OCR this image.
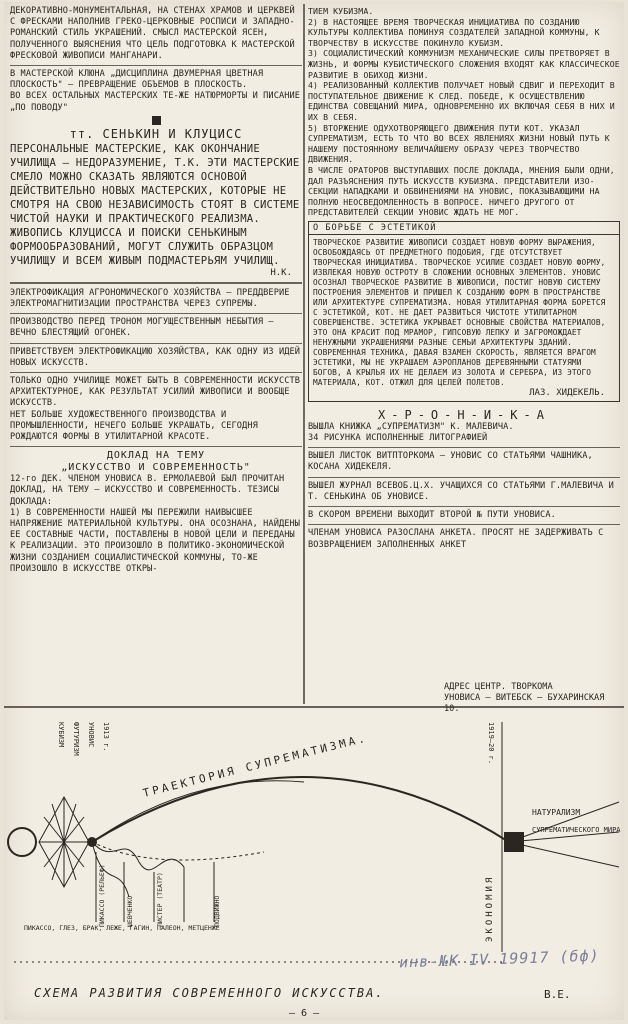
ДЕКОРАТИВНО-МОНУМЕНТАЛЬНАЯ, НА СТЕНАХ ХРАМОВ И ЦЕРКВЕЙ С ФРЕСКАМИ НАПОЛНИВ ГРЕКО-ЦЕРКОВНЫЕ РОСПИСИ И ЗАПАДНО-РОМАНСКИЙ СТИЛЬ УКРАШЕНИЙ. СМЫСЛ МАСТЕРСКОЙ ЯСЕН, ПОЛУЧЕННОГО ВЫЯСНЕНИЯ ЧТО ЦЕЛЬ ПОДГОТОВКА К МАСТЕРСКОЙ ФРЕСКОВОЙ ЖИВОПИСИ МАНГАНАРИ.
В МАСТЕРСКОЙ КЛЮНА „ДИСЦИПЛИНА ДВУМЕРНАЯ ЦВЕТНАЯ ПЛОСКОСТЬ" — ПРЕВРАЩЕНИЕ ОБЪЕМОВ В ПЛОСКОСТЬ.
ВО ВСЕХ ОСТАЛЬНЫХ МАСТЕРСКИХ ТЕ-ЖЕ НАТЮРМОРТЫ И ПИСАНИЕ „ПО ПОВОДУ"
тт. СЕНЬКИН И КЛУЦИСС
ПЕРСОНАЛЬНЫЕ МАСТЕРСКИЕ, КАК ОКОНЧАНИЕ УЧИЛИЩА — НЕДОРАЗУМЕНИЕ, Т.К. ЭТИ МАСТЕРСКИЕ СМЕЛО МОЖНО СКАЗАТЬ ЯВЛЯЮТСЯ ОСНОВОЙ ДЕЙСТВИТЕЛЬНО НОВЫХ МАСТЕРСКИХ, КОТОРЫЕ НЕ СМОТРЯ НА СВОЮ НЕЗАВИСИМОСТЬ СТОЯТ В СИСТЕМЕ ЧИСТОЙ НАУКИ И ПРАКТИЧЕСКОГО РЕАЛИЗМА. ЖИВОПИСЬ КЛУЦИССА И ПОИСКИ СЕНЬКИНЫМ ФОРМООБРАЗОВАНИЙ, МОГУТ СЛУЖИТЬ ОБРАЗЦОМ УЧИЛИЩУ И ВСЕМ ЖИВЫМ ПОДМАСТЕРЬЯМ УЧИЛИЩ.
Н.К.
ЭЛЕКТРОФИКАЦИЯ АГРОНОМИЧЕСКОГО ХОЗЯЙСТВА — ПРЕДДВЕРИЕ ЭЛЕКТРОМАГНИТИЗАЦИИ ПРОСТРАНСТВА ЧЕРЕЗ СУПРЕМЫ.
ПРОИЗВОДСТВО ПЕРЕД ТРОНОМ МОГУЩЕСТВЕННЫМ НЕБЫТИЯ — ВЕЧНО БЛЕСТЯЩИЙ ОГОНЕК.
ПРИВЕТСТВУЕМ ЭЛЕКТРОФИКАЦИЮ ХОЗЯЙСТВА, КАК ОДНУ ИЗ ИДЕЙ НОВЫХ ИСКУССТВ.
ТОЛЬКО ОДНО УЧИЛИЩЕ МОЖЕТ БЫТЬ В СОВРЕМЕННОСТИ ИСКУССТВ АРХИТЕКТУРНОЕ, КАК РЕЗУЛЬТАТ УСИЛИЙ ЖИВОПИСИ И ВООБЩЕ ИСКУССТВ.
НЕТ БОЛЬШЕ ХУДОЖЕСТВЕННОГО ПРОИЗВОДСТВА И ПРОМЫШЛЕННОСТИ, НЕЧЕГО БОЛЬШЕ УКРАШАТЬ, СЕГОДНЯ РОЖДАЮТСЯ ФОРМЫ В УТИЛИТАРНОЙ КРАСОТЕ.
ДОКЛАД НА ТЕМУ
„ИСКУССТВО И СОВРЕМЕННОСТЬ"
12-го ДЕК. ЧЛЕНОМ УНОВИСА В. ЕРМОЛАЕВОЙ БЫЛ ПРОЧИТАН ДОКЛАД, НА ТЕМУ — ИСКУССТВО И СОВРЕМЕННОСТЬ. ТЕЗИСЫ ДОКЛАДА:
1) В СОВРЕМЕННОСТИ НАШЕЙ МЫ ПЕРЕЖИЛИ НАИВЫСШЕЕ НАПРЯЖЕНИЕ МАТЕРИАЛЬНОЙ КУЛЬТУРЫ. ОНА ОСОЗНАНА, НАЙДЕНЫ ЕЕ СОСТАВНЫЕ ЧАСТИ, ПОСТАВЛЕНЫ В НОВОЙ ЦЕЛИ И ПЕРЕДАНЫ К РЕАЛИЗАЦИИ. ЭТО ПРОИЗОШЛО В ПОЛИТИКО-ЭКОНОМИЧЕСКОЙ ЖИЗНИ СОЗДАНИЕМ СОЦИАЛИСТИЧЕСКОЙ КОММУНЫ, ТО-ЖЕ ПРОИЗОШЛО В ИСКУССТВЕ ОТКРЫ-
ТИЕМ КУБИЗМА.
2) В НАСТОЯЩЕЕ ВРЕМЯ ТВОРЧЕСКАЯ ИНИЦИАТИВА ПО СОЗДАНИЮ КУЛЬТУРЫ КОЛЛЕКТИВА ПОМИНУЯ СОЗДАТЕЛЕЙ ЗАПАДНОЙ КОММУНЫ, К ТВОРЧЕСТВУ В ИСКУССТВЕ ПОКИНУЛО КУБИЗМ.
3) СОЦИАЛИСТИЧЕСКИЙ КОММУНИЗМ МЕХАНИЧЕСКИЕ СИЛЫ ПРЕТВОРЯЕТ В ЖИЗНЬ, И ФОРМЫ КУБИСТИЧЕСКОГО СЛОЖЕНИЯ ВХОДЯТ КАК КЛАССИЧЕСКОЕ РАЗВИТИЕ В ОБИХОД ЖИЗНИ.
4) РЕАЛИЗОВАННЫЙ КОЛЛЕКТИВ ПОЛУЧАЕТ НОВЫЙ СДВИГ И ПЕРЕХОДИТ В ПОСТУПАТЕЛЬНОЕ ДВИЖЕНИЕ К СЛЕД. ПОБЕДЕ, К ОСУЩЕСТВЛЕНИЮ ЕДИНСТВА СОВЕЩАНИЙ МИРА, ОДНОВРЕМЕННО ИХ ВКЛЮЧАЯ СЕБЯ В НИХ И ИХ В СЕБЯ.
5) ВТОРЖЕНИЕ ОДУХОТВОРЯЮЩЕГО ДВИЖЕНИЯ ПУТИ КОТ. УКАЗАЛ СУПРЕМАТИЗМ, ЕСТЬ ТО ЧТО ВО ВСЕХ ЯВЛЕНИЯХ ЖИЗНИ НОВЫЙ ПУТЬ К НАШЕМУ ПОСТОЯННОМУ ВЕЛИЧАЙШЕМУ ОБРАЗУ ЧЕРЕЗ ТВОРЧЕСТВО ДВИЖЕНИЯ.
В ЧИСЛЕ ОРАТОРОВ ВЫСТУПАВШИХ ПОСЛЕ ДОКЛАДА, МНЕНИЯ БЫЛИ ОДНИ, ДАЛ РАЗЪЯСНЕНИЯ ПУТЬ ИСКУССТВ КУБИЗМА. ПРЕДСТАВИТЕЛИ ИЗО-СЕКЦИИ НАПАДКАМИ И ОБВИНЕНИЯМИ НА УНОВИС, ПОКАЗЫВАЮЩИМИ НА ПОЛНУЮ НЕОСВЕДОМЛЕННОСТЬ В ВОПРОСЕ. НИЧЕГО ДРУГОГО ОТ ПРЕДСТАВИТЕЛЕЙ СЕКЦИИ УНОВИС ЖДАТЬ НЕ МОГ.
О БОРЬБЕ С ЭСТЕТИКОЙ
ТВОРЧЕСКОЕ РАЗВИТИЕ ЖИВОПИСИ СОЗДАЕТ НОВУЮ ФОРМУ ВЫРАЖЕНИЯ, ОСВОБОЖДАЯСЬ ОТ ПРЕДМЕТНОГО ПОДОБИЯ, ГДЕ ОТСУТСТВУЕТ ТВОРЧЕСКАЯ ИНИЦИАТИВА. ТВОРЧЕСКОЕ УСИЛИЕ СОЗДАЕТ НОВУЮ ФОРМУ, ИЗВЛЕКАЯ НОВУЮ ОСТРОТУ В СЛОЖЕНИИ ОСНОВНЫХ ЭЛЕМЕНТОВ. УНОВИС ОСОЗНАЛ ТВОРЧЕСКОЕ РАЗВИТИЕ В ЖИВОПИСИ, ПОСТИГ НОВУЮ СИСТЕМУ ПОСТРОЕНИЯ ЭЛЕМЕНТОВ И ПРИШЕЛ К СОЗДАНИЮ ФОРМ В ПРОСТРАНСТВЕ ИЛИ АРХИТЕКТУРЕ СУПРЕМАТИЗМА. НОВАЯ УТИЛИТАРНАЯ ФОРМА БОРЕТСЯ С ЭСТЕТИКОЙ, КОТ. НЕ ДАЕТ РАЗВИТЬСЯ ЧИСТОТЕ УТИЛИТАРНОМ СОВЕРШЕНСТВЕ. ЭСТЕТИКА УКРЫВАЕТ ОСНОВНЫЕ СВОЙСТВА МАТЕРИАЛОВ, ЭТО ОНА КРАСИТ ПОД МРАМОР, ГИПСОВУЮ ЛЕПКУ И ЗАГРОМОЖДАЕТ НЕНУЖНЫМИ УКРАШЕНИЯМИ РАЗНЫЕ СЕМЬИ АРХИТЕКТУРЫ ЗДАНИЙ. СОВРЕМЕННАЯ ТЕХНИКА, ДАВАЯ ВЗАМЕН СКОРОСТЬ, ЯВЛЯЕТСЯ ВРАГОМ ЭСТЕТИКИ, МЫ НЕ УКРАШАЕМ АЭРОПЛАНОВ ДЕРЕВЯННЫМИ СТАТУЯМИ БОГОВ, А КРЫЛЬЯ ИХ НЕ ДЕЛАЕМ ИЗ ЗОЛОТА И СЕРЕБРА, ИЗ ЭТОГО МАТЕРИАЛА, КОТ. ОТЖИЛ ДЛЯ ЦЕЛЕЙ ПОЛЕТОВ.
ЛАЗ. ХИДЕКЕЛЬ.
Х-Р-О-Н-И-К-А
ВЫШЛА КНИЖКА „СУПРЕМАТИЗМ" К. МАЛЕВИЧА.
34 РИСУНКА ИСПОЛНЕННЫЕ ЛИТОГРАФИЕЙ
ВЫШЕЛ ЛИСТОК ВИТПТОРКОМА — УНОВИС СО СТАТЬЯМИ ЧАШНИКА, КОСАНА ХИДЕКЕЛЯ.
ВЫШЕЛ ЖУРНАЛ ВСЕВОБ.Ц.Х. УЧАЩИХСЯ СО СТАТЬЯМИ Г.МАЛЕВИЧА И Т. СЕНЬКИНА ОБ УНОВИСЕ.
В СКОРОМ ВРЕМЕНИ ВЫХОДИТ ВТОРОЙ № ПУТИ УНОВИСА.
ЧЛЕНАМ УНОВИСА РАЗОСЛАНА АНКЕТА. ПРОСЯТ НЕ ЗАДЕРЖИВАТЬ С ВОЗВРАЩЕНИЕМ ЗАПОЛНЕННЫХ АНКЕТ
АДРЕС ЦЕНТР. ТВОРКОМА
УНОВИСА — ВИТЕБСК — БУХАРИНСКАЯ 10.
КУБИЗМ ФУТУРИЗМ УНОВИС 1913 г.	1919–20 г.
ТРАЕКТОРИЯ СУПРЕМАТИЗМА.
ПИКАССО, ГЛЕЗ, БРАК, ЛЕЖЕ, ГАГИН, ПАЛЕОН, МЕТЦЕНЖЕ
ПИКАССО (РЕЛЬЕФ)	ШЕВЧЕНКО	ЛИСТЕР (ТЕАТР)	ПОДВИЖНО
НАТУРАЛИЗМ
СУПРЕМАТИЧЕСКОГО МИРА
ЭКОНОМИЯ
инв-№К IV 19917 (бф)
СХЕМА РАЗВИТИЯ СОВРЕМЕННОГО ИСКУССТВА.	В.Е.
— 6 —
